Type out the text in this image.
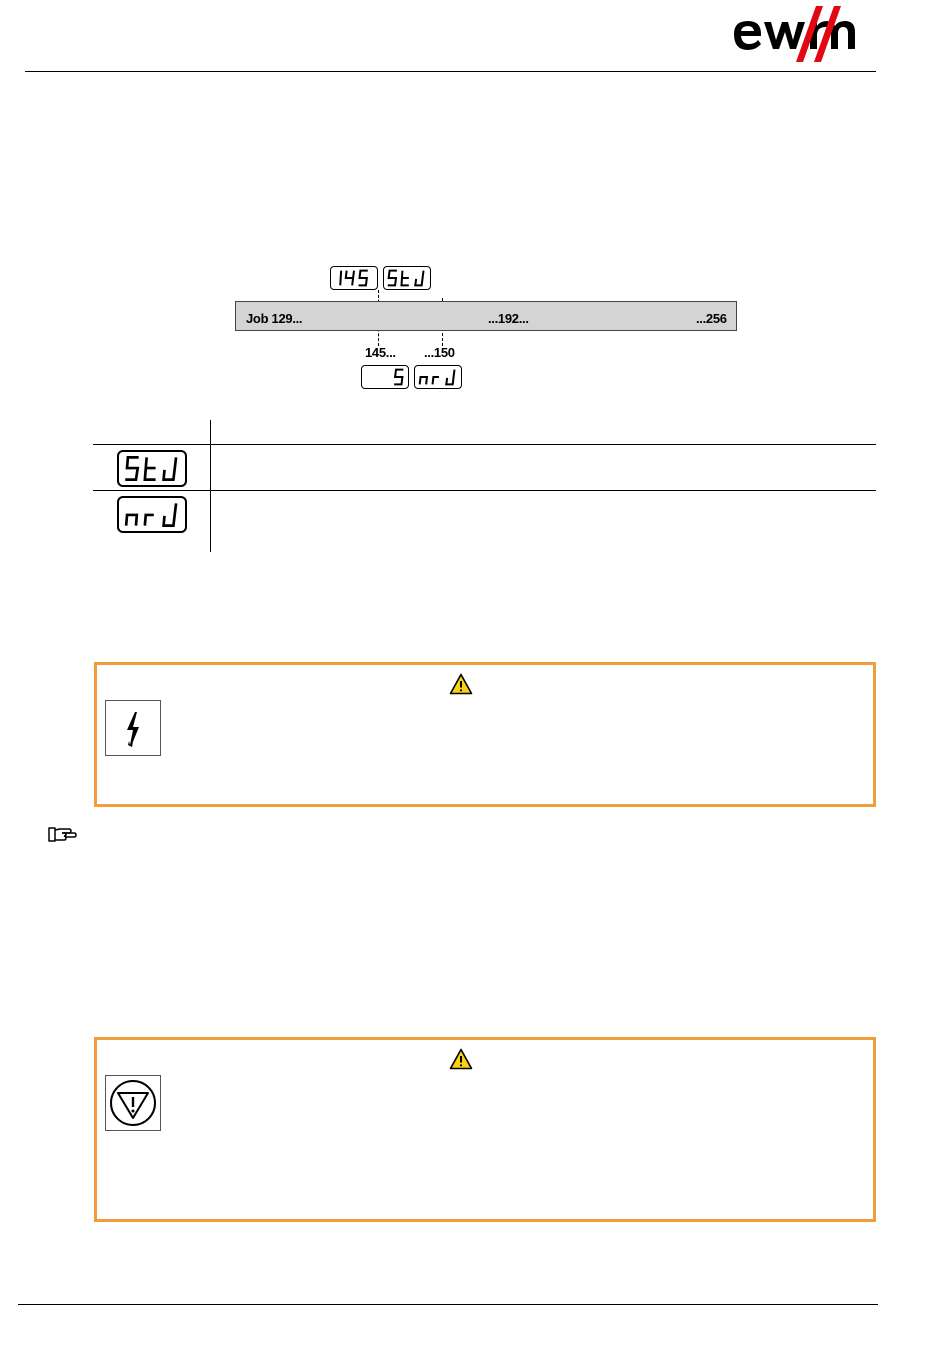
Job 129...	...192...	...256
145... ...150
